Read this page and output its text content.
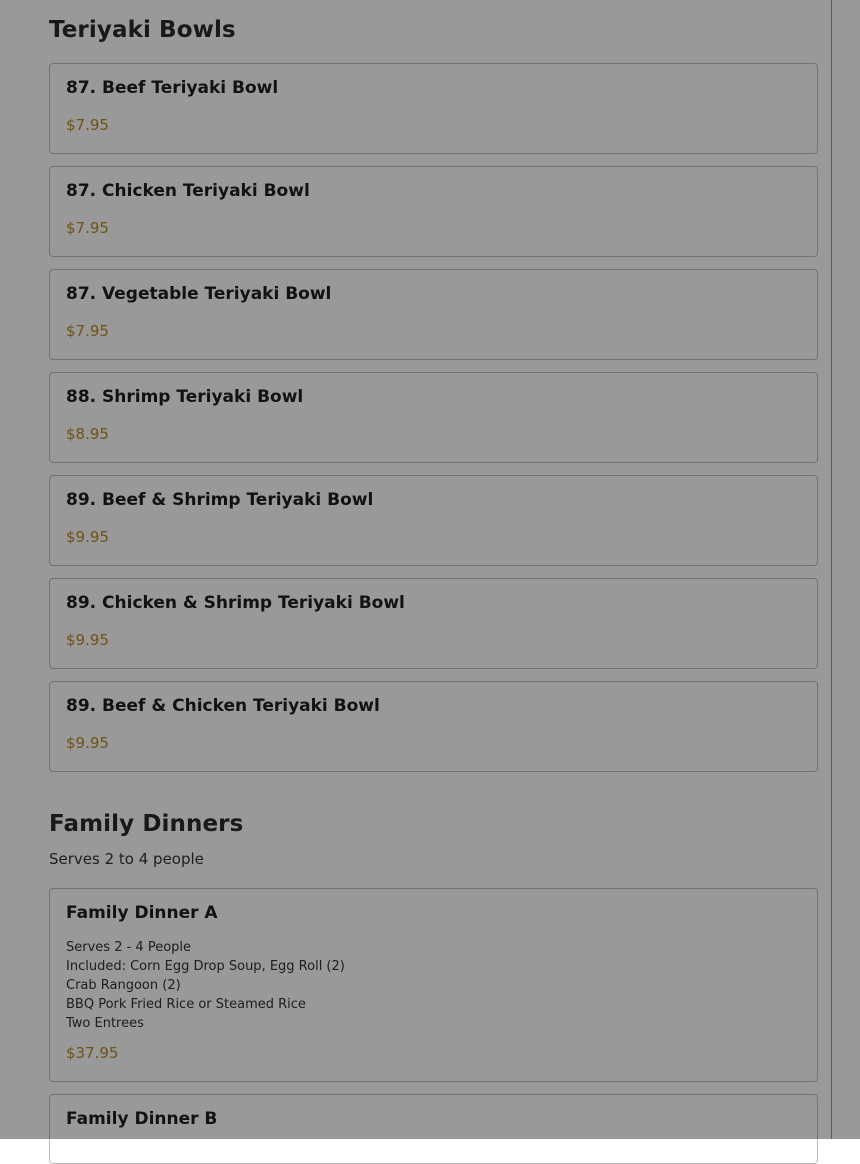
Teriyaki Bowls
87. Beef Teriyaki Bowl
$7.95
87. Chicken Teriyaki Bowl
$7.95
87. Vegetable Teriyaki Bowl
$7.95
88. Shrimp Teriyaki Bowl
$8.95
89. Beef & Shrimp Teriyaki Bowl
$9.95
89. Chicken & Shrimp Teriyaki Bowl
$9.95
89. Beef & Chicken Teriyaki Bowl
$9.95
Family Dinners

Serves 2 to 4 people

Family Dinner A
Serves 2 - 4 People
Included: Corn Egg Drop Soup, Egg Roll (2)
Crab Rangoon (2)
BBQ Pork Fried Rice or Steamed Rice
Two Entrees
$37.95
Family Dinner B
